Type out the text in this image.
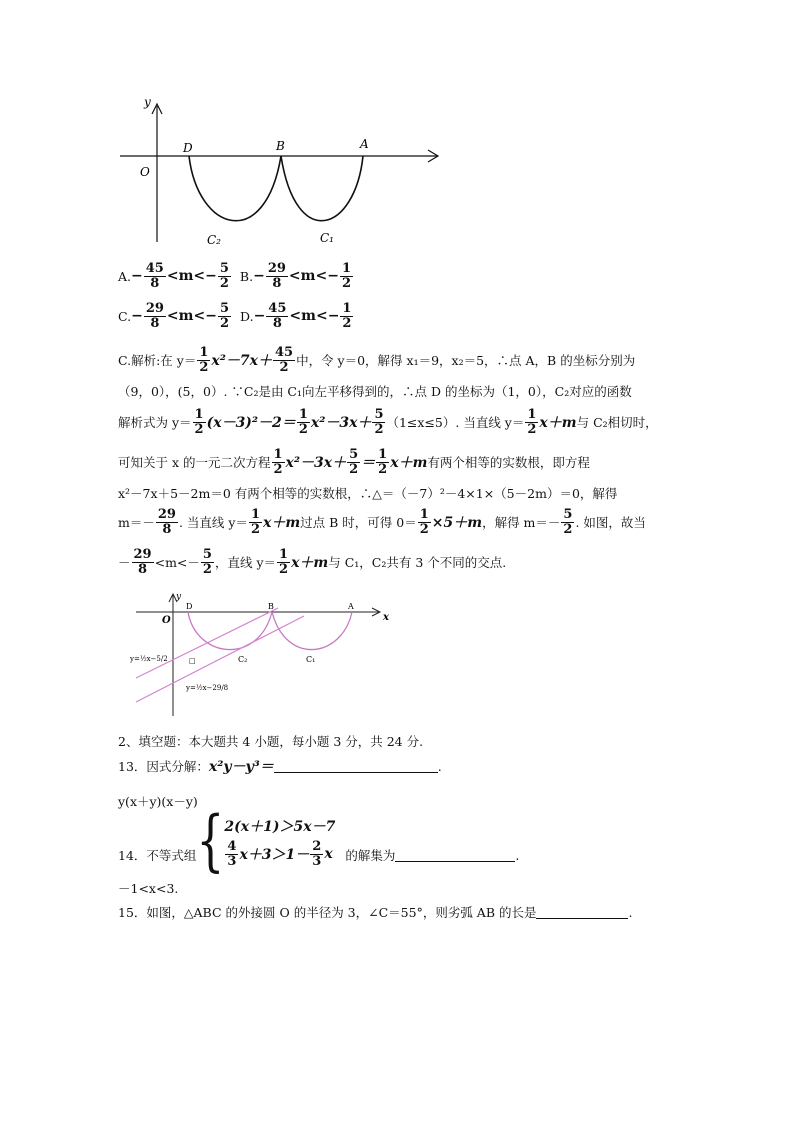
y
O
D	B	A
C₂	C₁
A. − $\frac{45}{8} < m$ < − $\frac{5}{2} B$. − $\frac{29}{8} < m$ < − $\frac{1}{2}$
C. − $\frac{29}{8} < m$ < − $\frac{5}{2} D$. − $\frac{45}{8} < m$ < − $\frac{1}{2}$
C.解析:在 $y= \frac{1}{2} x^2-7x+ \frac{45}{2}$ 中，令 y＝0，解得 x₁＝9，x₂＝5，∴点 A，B 的坐标分别为
（9，0），(5，0）. ∵C₂是由 C₁向左平移得到的，∴点 D 的坐标为（1，0），C₂对应的函数
解析式为 $y= \frac{1}{2} (x-3)^2-2= \frac{1}{2} x^2-3x+ \frac{5}{2} (1\le x\le 5)$. 当直线 $y= \frac{1}{2} x+m$ 与 C₂相切时，
可知关于 x 的一元二次方程 $\frac{1}{2} x^2-3x+ \frac{5}{2} = \frac{1}{2} x+m$ 有两个相等的实数根，即方程
x²－7x＋5－2m＝0 有两个相等的实数根，∴△＝（－7）²－4×1×（5－2m）＝0，解得
$m=- \frac{29}{8}$ . 当直线 $y= \frac{1}{2} x+m$ 过点 B 时，可得 $0= \frac{1}{2} \times 5+m$ ，解得 $m=- \frac{5}{2}$ . 如图，故当
－ $\frac{29}{8} <m<- \frac{5}{2}$ ，直线 $y= \frac{1}{2} x+m$ 与 C₁，C₂共有 3 个不同的交点.
y
O	x
D	B	A
C₂	C₁
y=½x−5/2
y=½x−29/8
□
2、填空题：本大题共 4 小题，每小题 3 分，共 24 分.
13．因式分解： x²y－y³＝	.
y(x＋y)(x－y)
14．不等式组 { 2(x＋1)＞5x－7
$\frac{4}{3} x+3>1- \frac{2}{3}$ x 的解集为	.
－1<x<3.
15．如图，△ABC 的外接圆 O 的半径为 3，∠C＝55°，则劣弧 AB 的长是	.
